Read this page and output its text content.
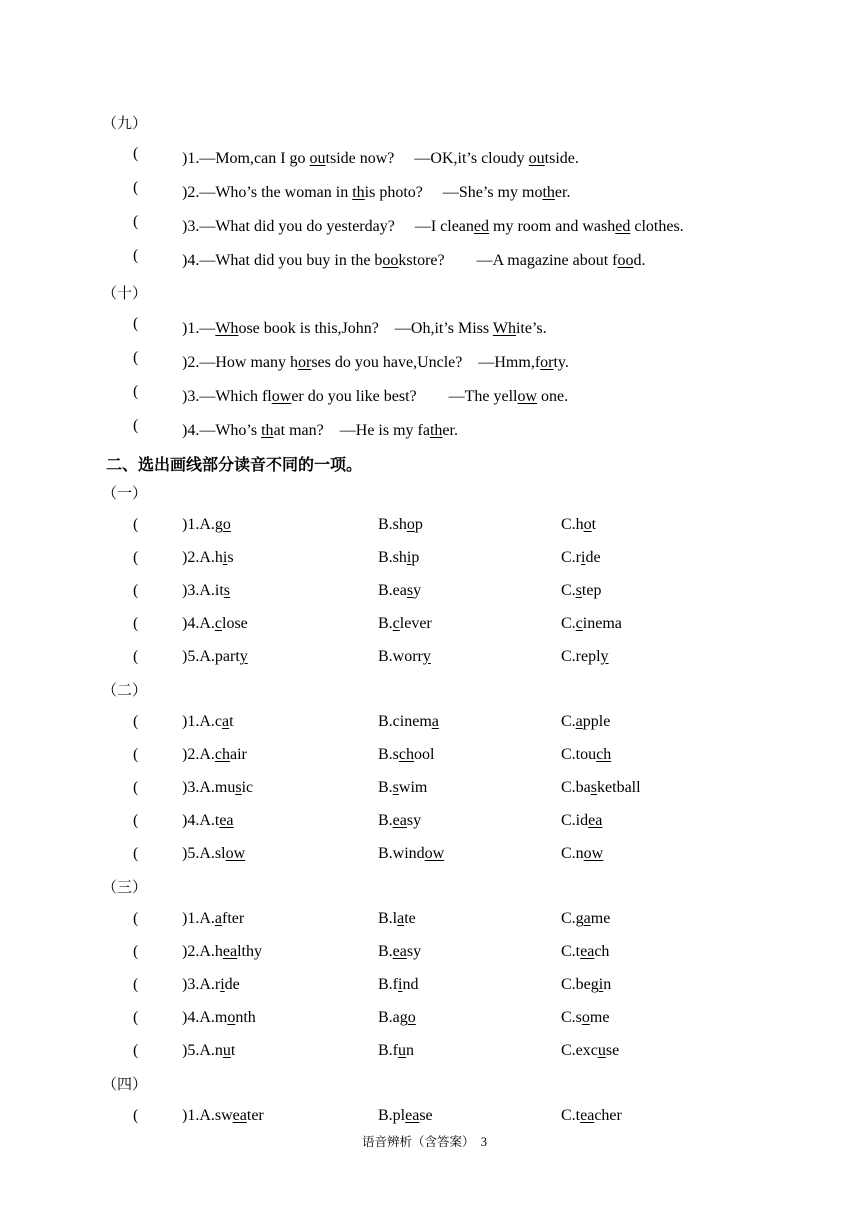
（九）
(	)1.—Mom,can I go outside now?　 —OK,it’s cloudy outside.
(	)2.—Who’s the woman in this photo?　 —She’s my mother.
(	)3.—What did you do yesterday?　 —I cleaned my room and washed clothes.
(	)4.—What did you buy in the bookstore?　　—A magazine about food.
（十）
(	)1.—Whose book is this,John?　—Oh,it’s Miss White’s.
(	)2.—How many horses do you have,Uncle?　—Hmm,forty.
(	)3.—Which flower do you like best?　　—The yellow one.
(	)4.—Who’s that man?　—He is my father.
二、选出画线部分读音不同的一项。
（一）
(	)1.A.go	B.shop	C.hot
(	)2.A.his	B.ship	C.ride
(	)3.A.its	B.easy	C.step
(	)4.A.close	B.clever	C.cinema
(	)5.A.party	B.worry	C.reply
（二）
(	)1.A.cat	B.cinema	C.apple
(	)2.A.chair	B.school	C.touch
(	)3.A.music	B.swim	C.basketball
(	)4.A.tea	B.easy	C.idea
(	)5.A.slow	B.window	C.now
（三）
(	)1.A.after	B.late	C.game
(	)2.A.healthy	B.easy	C.teach
(	)3.A.ride	B.find	C.begin
(	)4.A.month	B.ago	C.some
(	)5.A.nut	B.fun	C.excuse
（四）
(	)1.A.sweater	B.please	C.teacher
语音辨析（含答案）　3
